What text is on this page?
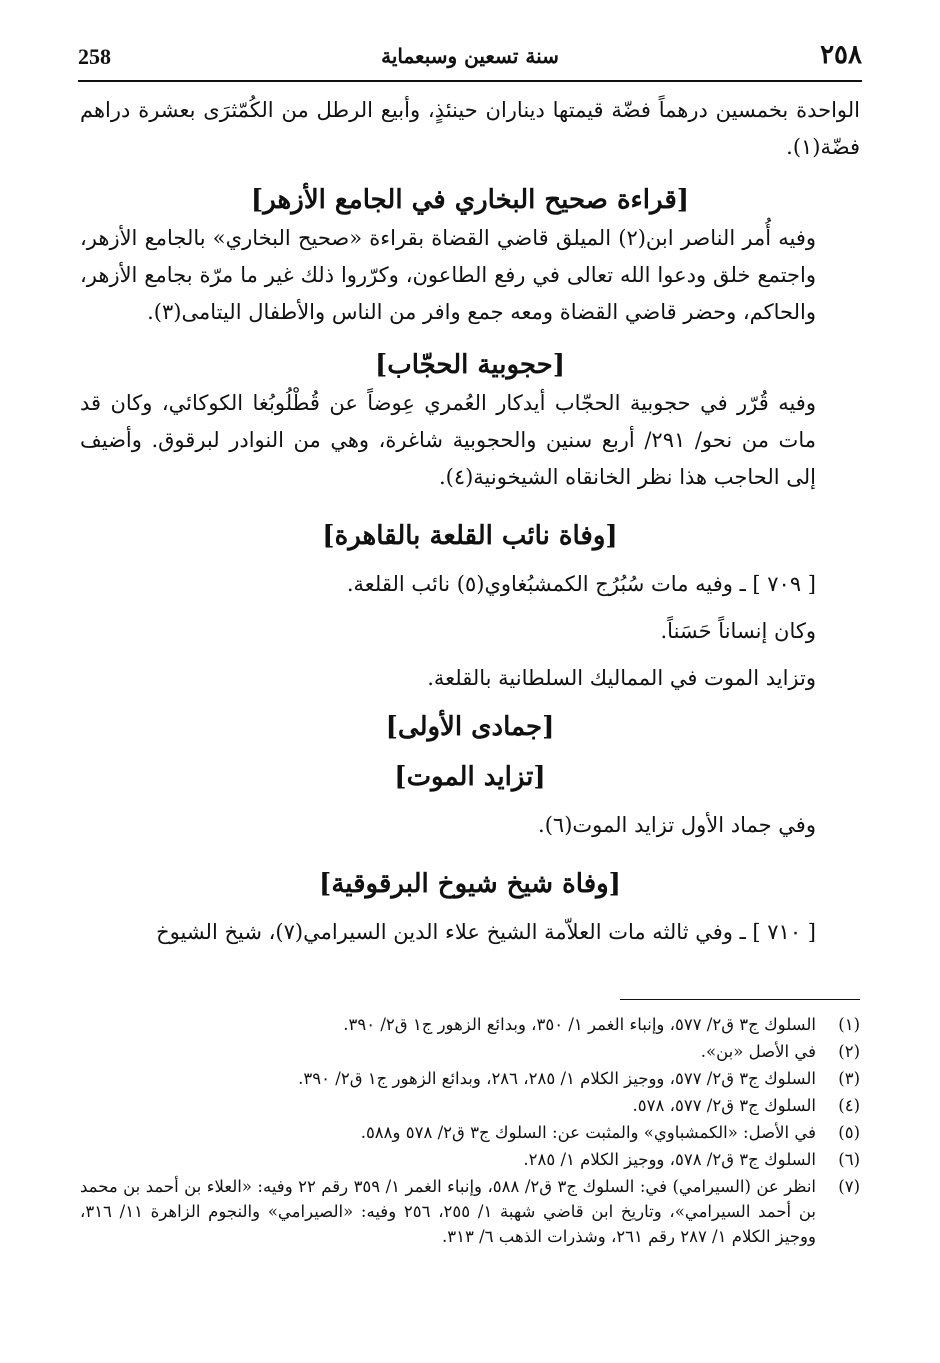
258	سنة تسعين وسبعماية	٢٥٨

الواحدة بخمسين درهماً فضّة قيمتها ديناران حينئذٍ، وأبيع الرطل من الكُمّثرَى بعشرة دراهم فضّة(١).

[قراءة صحيح البخاري في الجامع الأزهر]

وفيه أُمر الناصر ابن(٢) الميلق قاضي القضاة بقراءة «صحيح البخاري» بالجامع الأزهر، واجتمع خلق ودعوا الله تعالى في رفع الطاعون، وكرّروا ذلك غير ما مرّة بجامع الأزهر، والحاكم، وحضر قاضي القضاة ومعه جمع وافر من الناس والأطفال اليتامى(٣).

[حجوبية الحجّاب]

وفيه قُرّر في حجوبية الحجّاب أيدكار العُمري عِوضاً عن قُطْلُوبُغا الكوكائي، وكان قد مات من نحو/ ٢٩١/ أربع سنين والحجوبية شاغرة، وهي من النوادر لبرقوق. وأضيف إلى الحاجب هذا نظر الخانقاه الشيخونية(٤).

[وفاة نائب القلعة بالقاهرة]

[ ٧٠٩ ] ـ وفيه مات سُبُرُج الكمشبُغاوي(٥) نائب القلعة.

وكان إنساناً حَسَناً.

وتزايد الموت في المماليك السلطانية بالقلعة.

[جمادى الأولى]

[تزايد الموت]

وفي جماد الأول تزايد الموت(٦).

[وفاة شيخ شيوخ البرقوقية]

[ ٧١٠ ] ـ وفي ثالثه مات العلاّمة الشيخ علاء الدين السيرامي(٧)، شيخ الشيوخ

(١)
السلوك ج٣ ق٢/ ٥٧٧، وإنباء الغمر ١/ ٣٥٠، وبدائع الزهور ج١ ق٢/ ٣٩٠.
(٢)
في الأصل «بن».
(٣)
السلوك ج٣ ق٢/ ٥٧٧، ووجيز الكلام ١/ ٢٨٥، ٢٨٦، وبدائع الزهور ج١ ق٢/ ٣٩٠.
(٤)
السلوك ج٣ ق٢/ ٥٧٧، ٥٧٨.
(٥)
في الأصل: «الكمشباوي» والمثبت عن: السلوك ج٣ ق٢/ ٥٧٨ و٥٨٨.
(٦)
السلوك ج٣ ق٢/ ٥٧٨، ووجيز الكلام ١/ ٢٨٥.
(٧)
انظر عن (السيرامي) في: السلوك ج٣ ق٢/ ٥٨٨، وإنباء الغمر ١/ ٣٥٩ رقم ٢٢ وفيه: «العلاء بن أحمد بن محمد بن أحمد السيرامي»، وتاريخ ابن قاضي شهبة ١/ ٢٥٥، ٢٥٦ وفيه: «الصيرامي» والنجوم الزاهرة ١١/ ٣١٦، ووجيز الكلام ١/ ٢٨٧ رقم ٢٦١، وشذرات الذهب ٦/ ٣١٣.
